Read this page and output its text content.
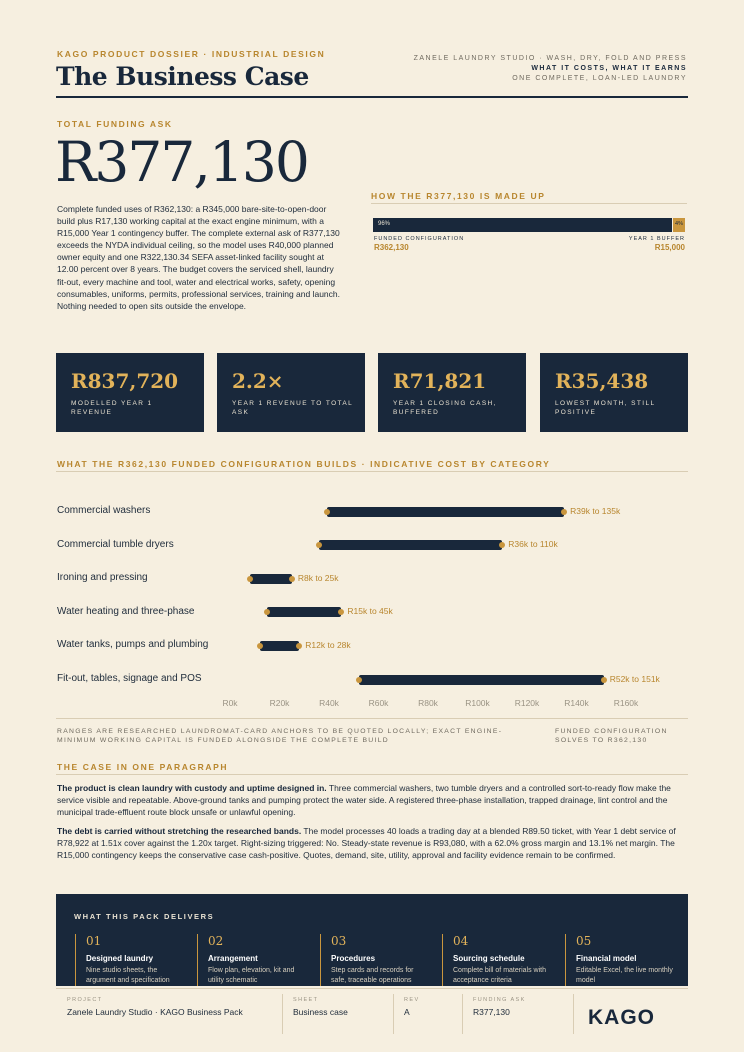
KAGO PRODUCT DOSSIER · INDUSTRIAL DESIGN
The Business Case
ZANELE LAUNDRY STUDIO · WASH, DRY, FOLD AND PRESS
WHAT IT COSTS, WHAT IT EARNS
ONE COMPLETE, LOAN-LED LAUNDRY
TOTAL FUNDING ASK
R377,130
Complete funded uses of R362,130: a R345,000 bare-site-to-open-door build plus R17,130 working capital at the exact engine minimum, with a R15,000 Year 1 contingency buffer. The complete external ask of R377,130 exceeds the NYDA individual ceiling, so the model uses R40,000 planned owner equity and one R322,130.34 SEFA asset-linked facility sought at 12.00 percent over 8 years. The budget covers the serviced shell, laundry fit-out, every machine and tool, water and electrical works, safety, opening consumables, uniforms, permits, professional services, training and launch. Nothing needed to open sits outside the envelope.
HOW THE R377,130 IS MADE UP
96%	4%
FUNDED CONFIGURATION
R362,130
YEAR 1 BUFFER
R15,000
R837,720
MODELLED YEAR 1 REVENUE
2.2×
YEAR 1 REVENUE TO TOTAL ASK
R71,821
YEAR 1 CLOSING CASH, BUFFERED
R35,438
LOWEST MONTH, STILL POSITIVE
WHAT THE R362,130 FUNDED CONFIGURATION BUILDS · INDICATIVE COST BY CATEGORY
Commercial washers
Commercial tumble dryers
Ironing and pressing
Water heating and three-phase
Water tanks, pumps and plumbing
Fit-out, tables, signage and POS
R39k to 135k
R36k to 110k
R8k to 25k
R15k to 45k
R12k to 28k
R52k to 151k
R0k	R20k	R40k	R60k	R80k	R100k	R120k	R140k	R160k
RANGES ARE RESEARCHED LAUNDROMAT-CARD ANCHORS TO BE QUOTED LOCALLY; EXACT ENGINE-MINIMUM WORKING CAPITAL IS FUNDED ALONGSIDE THE COMPLETE BUILD
FUNDED CONFIGURATION SOLVES TO R362,130
THE CASE IN ONE PARAGRAPH
The product is clean laundry with custody and uptime designed in. Three commercial washers, two tumble dryers and a controlled sort-to-ready flow make the service visible and repeatable. Above-ground tanks and pumping protect the water side. A registered three-phase installation, trapped drainage, lint control and the municipal trade-effluent route block unsafe or unlawful opening.
The debt is carried without stretching the researched bands. The model processes 40 loads a trading day at a blended R89.50 ticket, with Year 1 debt service of R78,922 at 1.51x cover against the 1.20x target. Right-sizing triggered: No. Steady-state revenue is R93,080, with a 62.0% gross margin and 13.1% net margin. The R15,000 contingency keeps the conservative case cash-positive. Quotes, demand, site, utility, approval and facility evidence remain to be confirmed.
WHAT THIS PACK DELIVERS
01
Designed laundry
Nine studio sheets, the argument and specification
02
Arrangement
Flow plan, elevation, kit and utility schematic
03
Procedures
Step cards and records for safe, traceable operations
04
Sourcing schedule
Complete bill of materials with acceptance criteria
05
Financial model
Editable Excel, the live monthly model
PROJECT
Zanele Laundry Studio · KAGO Business Pack
SHEET
Business case
REV
A
FUNDING ASK
R377,130	KAGO
